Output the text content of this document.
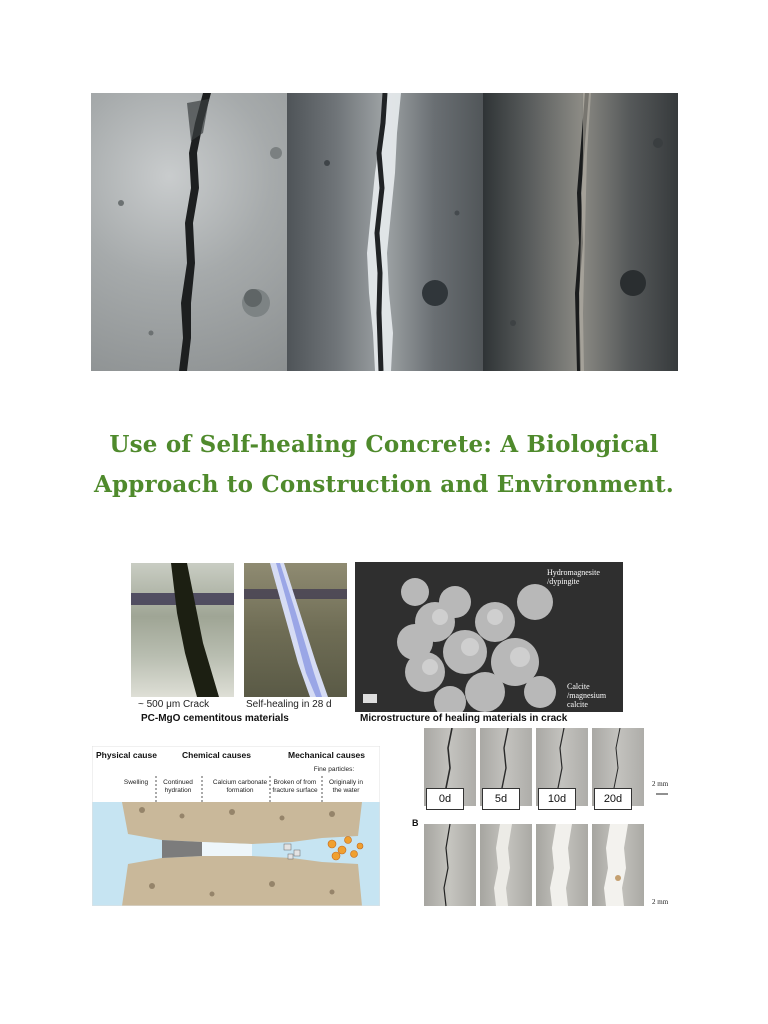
Use of Self-healing Concrete: A Biological Approach to Construction and Environment.
~ 500 μm Crack	Self-healing in 28 d
Hydromagnesite /dypingite
Calcite /magnesium calcite
PC-MgO cementitous materials	Microstructure of healing materials in crack
Physical cause	Chemical causes	Mechanical causes
Fine particles:
Swelling	Continued hydration
Calcium carbonate formation
Broken of from fracture surface
Originally in the water
0d	5d	10d	20d
2 mm
B
2 mm
